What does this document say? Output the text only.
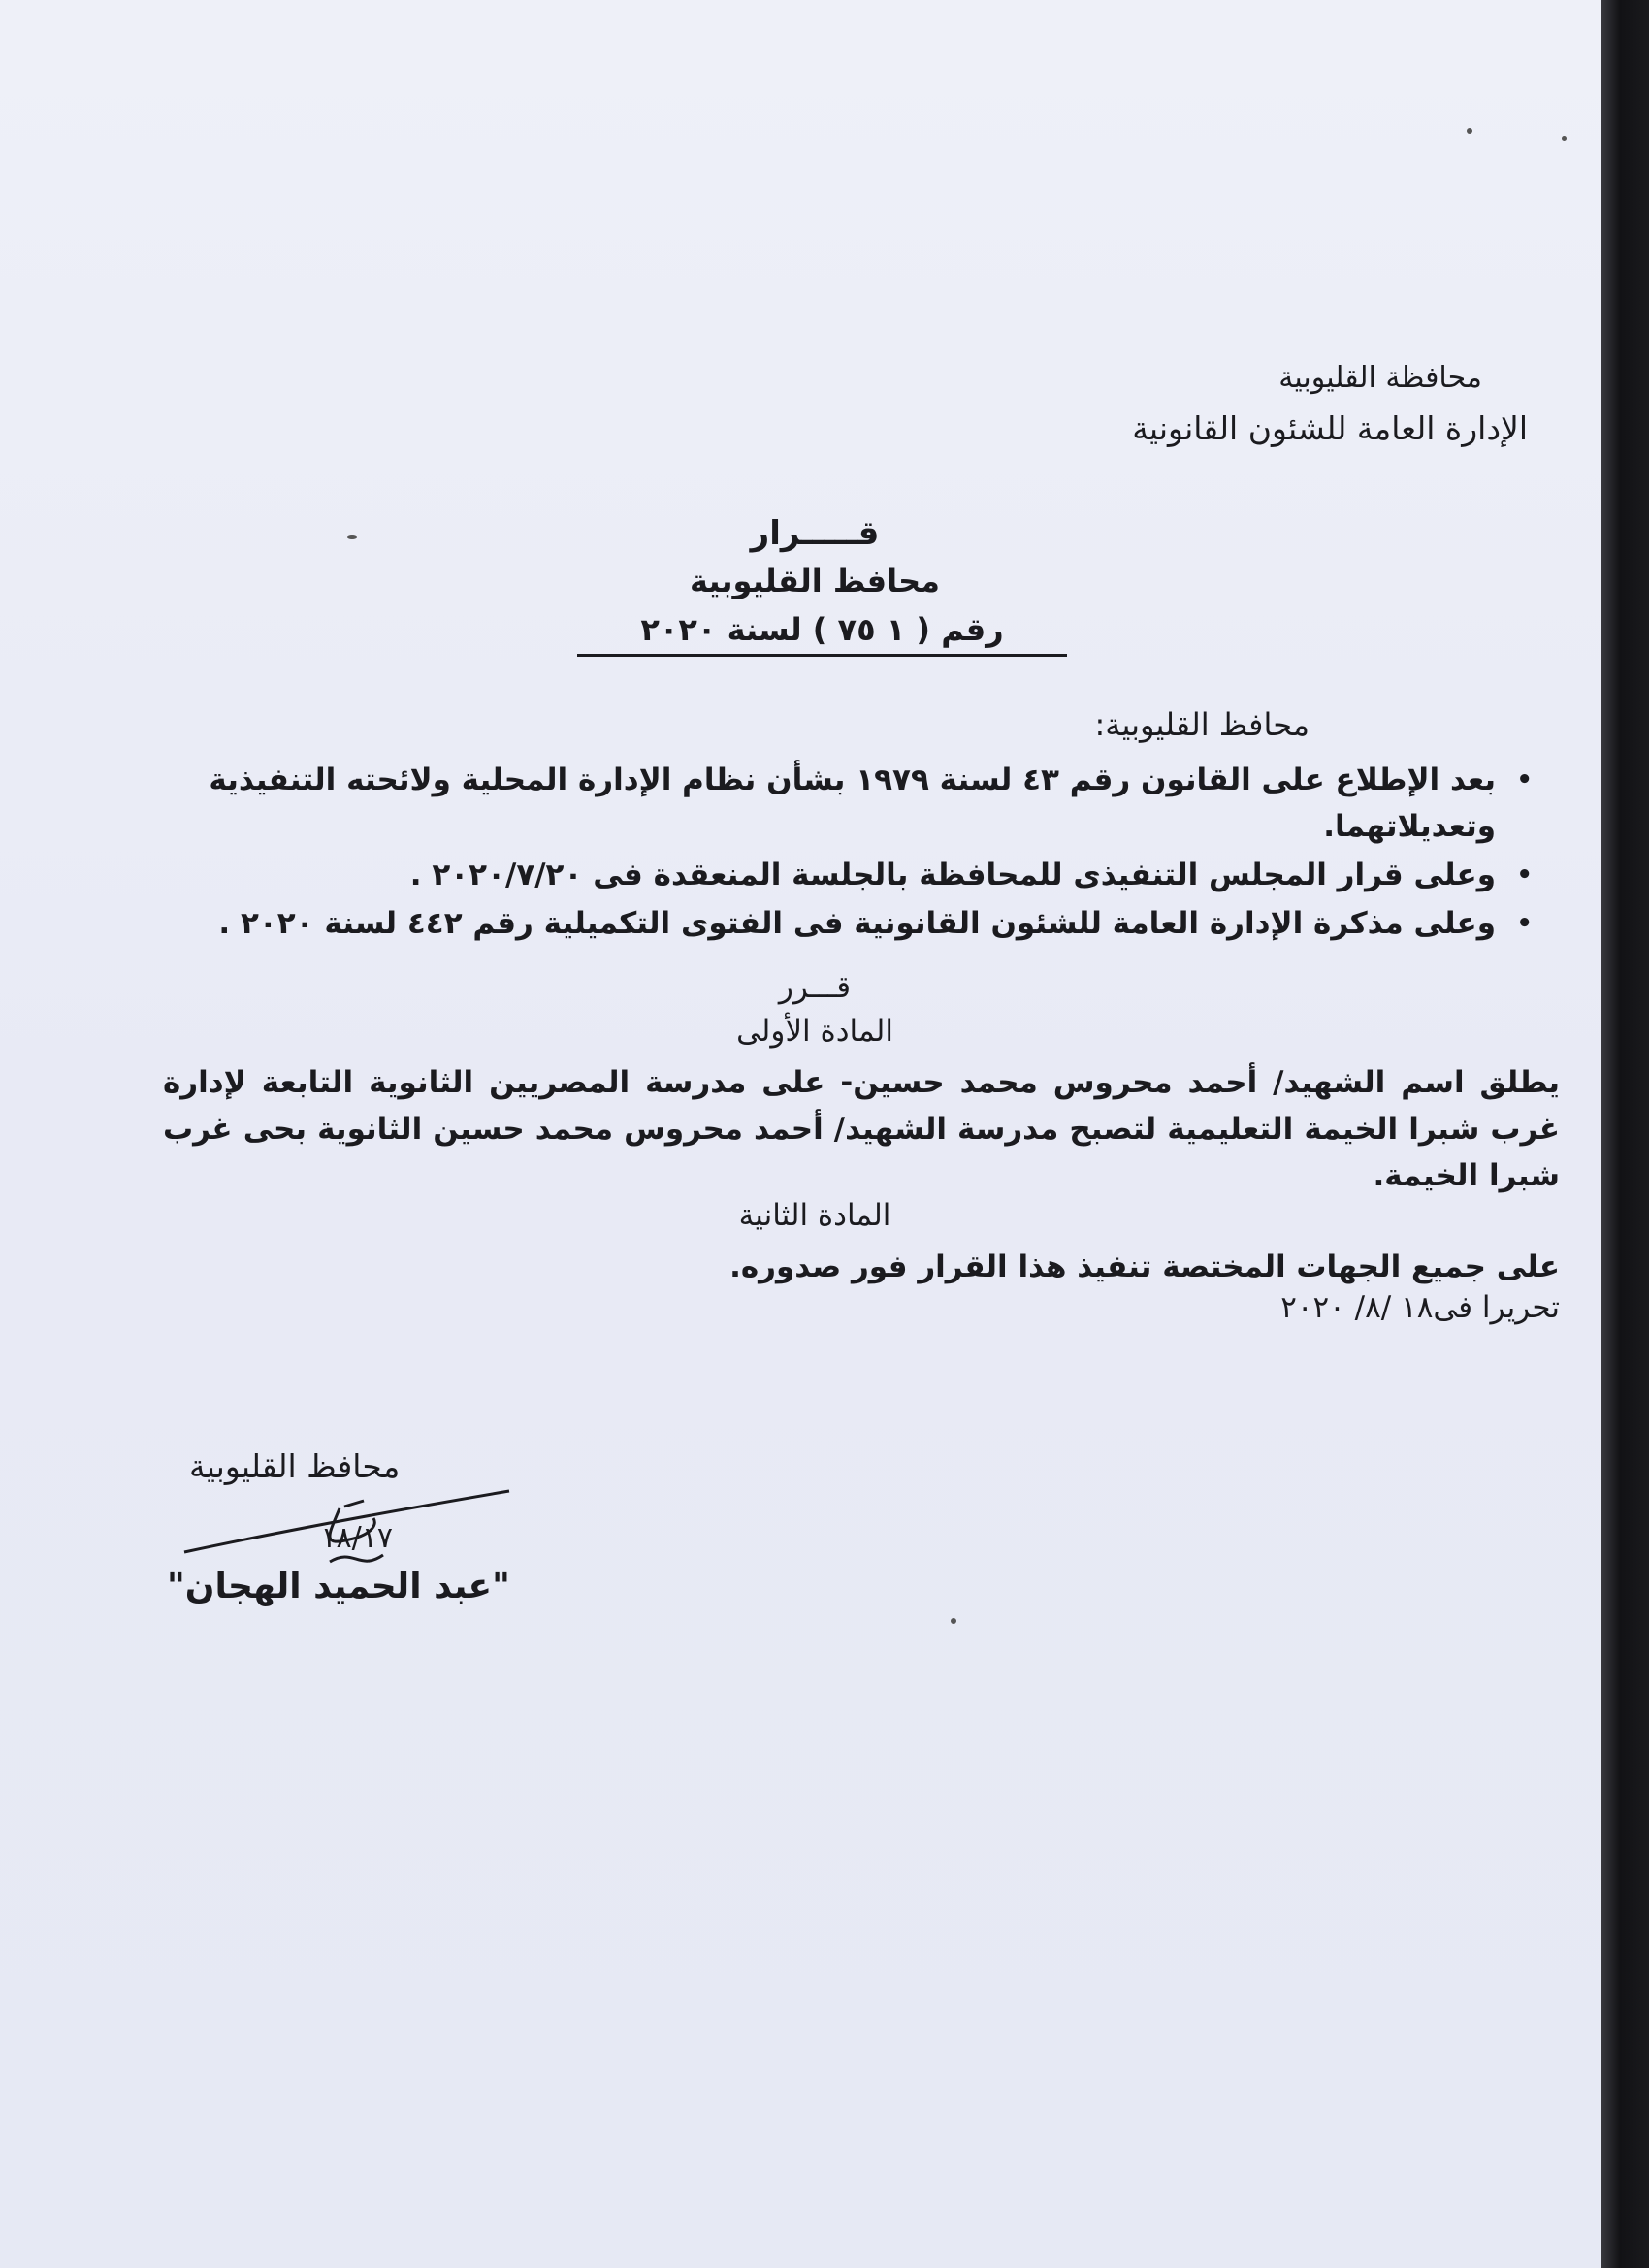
محافظة القليوبية
الإدارة العامة للشئون القانونية
قـــــرار
محافظ القليوبية
رقم ( ١ ٧٥ ) لسنة ٢٠٢٠
محافظ القليوبية:
• بعد الإطلاع على القانون رقم ٤٣ لسنة ١٩٧٩ بشأن نظام الإدارة المحلية ولائحته التنفيذية وتعديلاتهما.
• وعلى قرار المجلس التنفيذى للمحافظة بالجلسة المنعقدة فى ٢٠٢٠/٧/٢٠ .
• وعلى مذكرة الإدارة العامة للشئون القانونية فى الفتوى التكميلية رقم ٤٤٢ لسنة ٢٠٢٠ .
قـــرر
المادة الأولى
يطلق اسم الشهيد/ أحمد محروس محمد حسين- على مدرسة المصريين الثانوية التابعة لإدارة غرب شبرا الخيمة التعليمية لتصبح مدرسة الشهيد/ أحمد محروس محمد حسين الثانوية بحى غرب شبرا الخيمة.
المادة الثانية
على جميع الجهات المختصة تنفيذ هذا القرار فور صدوره.
تحريرا فى١٨ /٨/ ٢٠٢٠
محافظ القليوبية
١٨/١٧
"عبد الحميد الهجان"
